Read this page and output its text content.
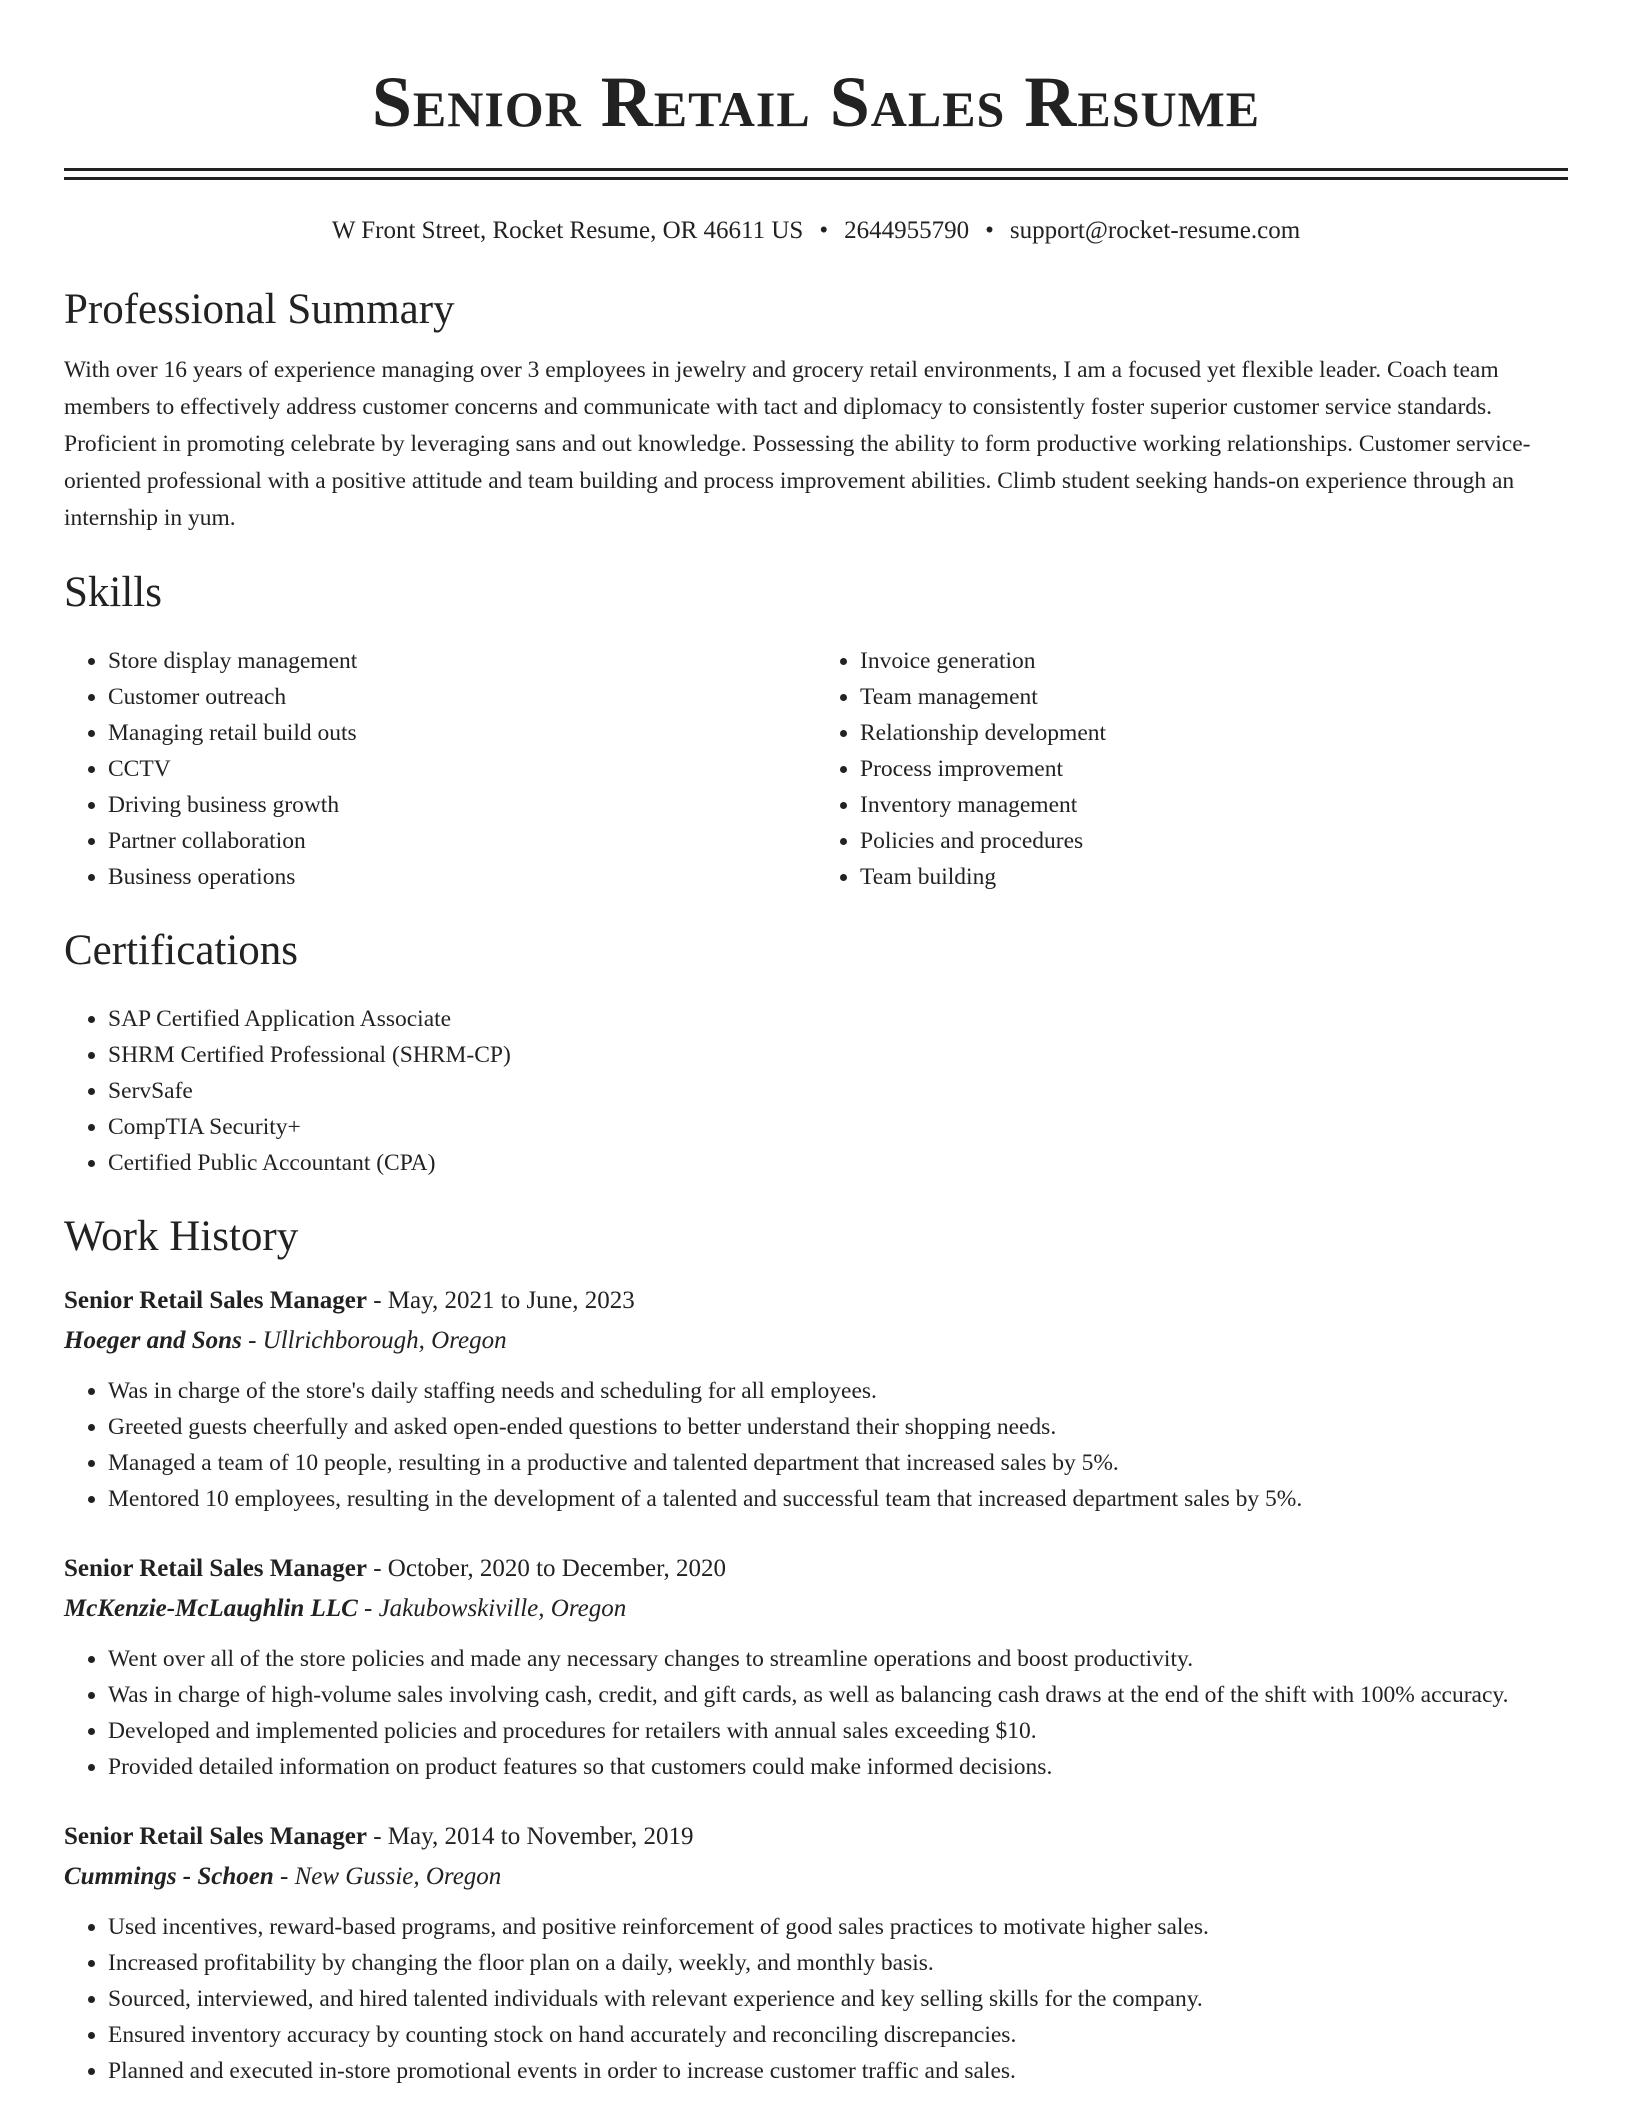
Senior Retail Sales Resume
W Front Street, Rocket Resume, OR 46611 US • 2644955790 • support@rocket-resume.com
Professional Summary

With over 16 years of experience managing over 3 employees in jewelry and grocery retail environments, I am a focused yet flexible leader. Coach team members to effectively address customer concerns and communicate with tact and diplomacy to consistently foster superior customer service standards. Proficient in promoting celebrate by leveraging sans and out knowledge. Possessing the ability to form productive working relationships. Customer service-oriented professional with a positive attitude and team building and process improvement abilities. Climb student seeking hands-on experience through an internship in yum.

Skills
• Store display management
• Customer outreach
• Managing retail build outs
• CCTV
• Driving business growth
• Partner collaboration
• Business operations
• Invoice generation
• Team management
• Relationship development
• Process improvement
• Inventory management
• Policies and procedures
• Team building
Certifications
• SAP Certified Application Associate
• SHRM Certified Professional (SHRM-CP)
• ServSafe
• CompTIA Security+
• Certified Public Accountant (CPA)
Work History
Senior Retail Sales Manager - May, 2021 to June, 2023
Hoeger and Sons - Ullrichborough, Oregon
• Was in charge of the store's daily staffing needs and scheduling for all employees.
• Greeted guests cheerfully and asked open-ended questions to better understand their shopping needs.
• Managed a team of 10 people, resulting in a productive and talented department that increased sales by 5%.
• Mentored 10 employees, resulting in the development of a talented and successful team that increased department sales by 5%.
Senior Retail Sales Manager - October, 2020 to December, 2020
McKenzie-McLaughlin LLC - Jakubowskiville, Oregon
• Went over all of the store policies and made any necessary changes to streamline operations and boost productivity.
• Was in charge of high-volume sales involving cash, credit, and gift cards, as well as balancing cash draws at the end of the shift with 100% accuracy.
• Developed and implemented policies and procedures for retailers with annual sales exceeding $10.
• Provided detailed information on product features so that customers could make informed decisions.
Senior Retail Sales Manager - May, 2014 to November, 2019
Cummings - Schoen - New Gussie, Oregon
• Used incentives, reward-based programs, and positive reinforcement of good sales practices to motivate higher sales.
• Increased profitability by changing the floor plan on a daily, weekly, and monthly basis.
• Sourced, interviewed, and hired talented individuals with relevant experience and key selling skills for the company.
• Ensured inventory accuracy by counting stock on hand accurately and reconciling discrepancies.
• Planned and executed in-store promotional events in order to increase customer traffic and sales.
